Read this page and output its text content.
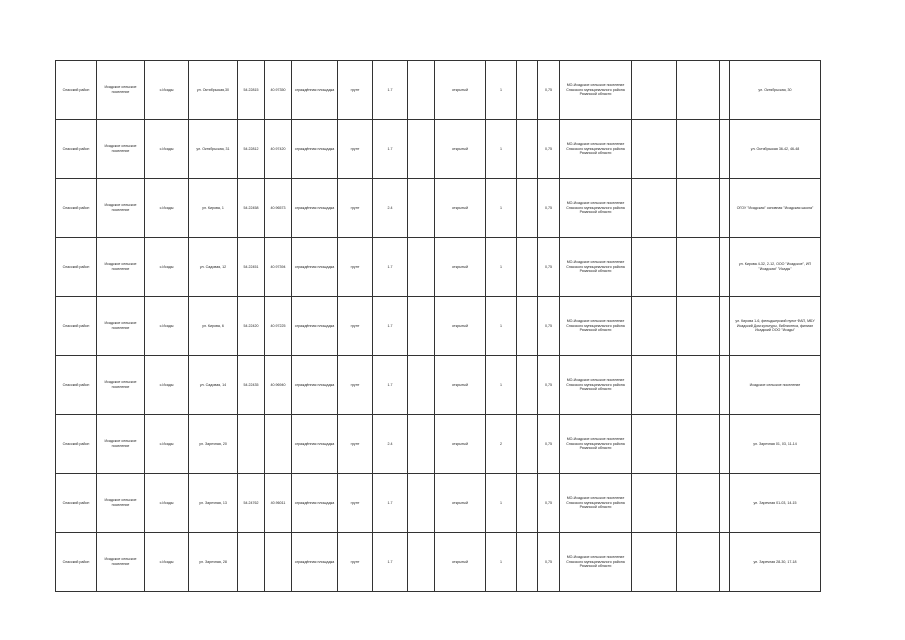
Спасский район	Исадское сельское поселение	с.Исады	ул. Октябрьская,30	54.22815	40.97350	ограждённая площадка	грунт	1.7		открытый	1		0,75	МО-Исадское сельское поселение Спасского муниципального района Рязанской области				ул. Октябрьская, 30
Спасский район	Исадское сельское поселение	с.Исады	ул. Октябрьская, 31	54.22812	40.97420	ограждённая площадка	грунт	1.7		открытый	1		0,75	МО-Исадское сельское поселение Спасского муниципального района Рязанской области				ул. Октябрьская 36-42, 46-48
Спасский район	Исадское сельское поселение	с.Исады	ул. Кирова, 1	54.22458	40.96573	ограждённая площадка	грунт	2.4		открытый	1		0,75	МО-Исадское сельское поселение Спасского муниципального района Рязанской области				ОГОУ "Исадская" основная "Исадская школа"
Спасский район	Исадское сельское поселение	с.Исады	ул. Садовая, 12	54.22451	40.97394	ограждённая площадка	грунт	1.7		открытый	1		0,75	МО-Исадское сельское поселение Спасского муниципального района Рязанской области				ул. Кирова 4-32, 2-12, ООО "Исадское", ИП "Исадская" "Исады"
Спасский район	Исадское сельское поселение	с.Исады	ул. Кирова, 6	54.22420	40.97225	ограждённая площадка	грунт	1.7		открытый	1		0,75	МО-Исадское сельское поселение Спасского муниципального района Рязанской области				ул. Кирова 1-6, фельдшерский пункт ФАП, МБУ Исадский Дом культуры, библиотека, филиал Исадский ООО "Исады"
Спасский район	Исадское сельское поселение	с.Исады	ул. Садовая, 14	54.22435	40.96940	ограждённая площадка	грунт	1.7		открытый	1		0,75	МО-Исадское сельское поселение Спасского муниципального района Рязанской области				Исадское сельское поселение
Спасский район	Исадское сельское поселение	с.Исады	ул. Заречная, 20			ограждённая площадка	грунт	2.4		открытый	2		0,75	МО-Исадское сельское поселение Спасского муниципального района Рязанской области				ул. Заречная 01, 03, 11-14
Спасский район	Исадское сельское поселение	с.Исады	ул. Заречная, 13	54.24762	40.96011	ограждённая площадка	грунт	1.7		открытый	1		0,75	МО-Исадское сельское поселение Спасского муниципального района Рязанской области				ул. Заречная 01-03, 14-15
Спасский район	Исадское сельское поселение	с.Исады	ул. Заречная, 28			ограждённая площадка	грунт	1.7		открытый	1		0,75	МО-Исадское сельское поселение Спасского муниципального района Рязанской области				ул. Заречная 28-30, 17-18
